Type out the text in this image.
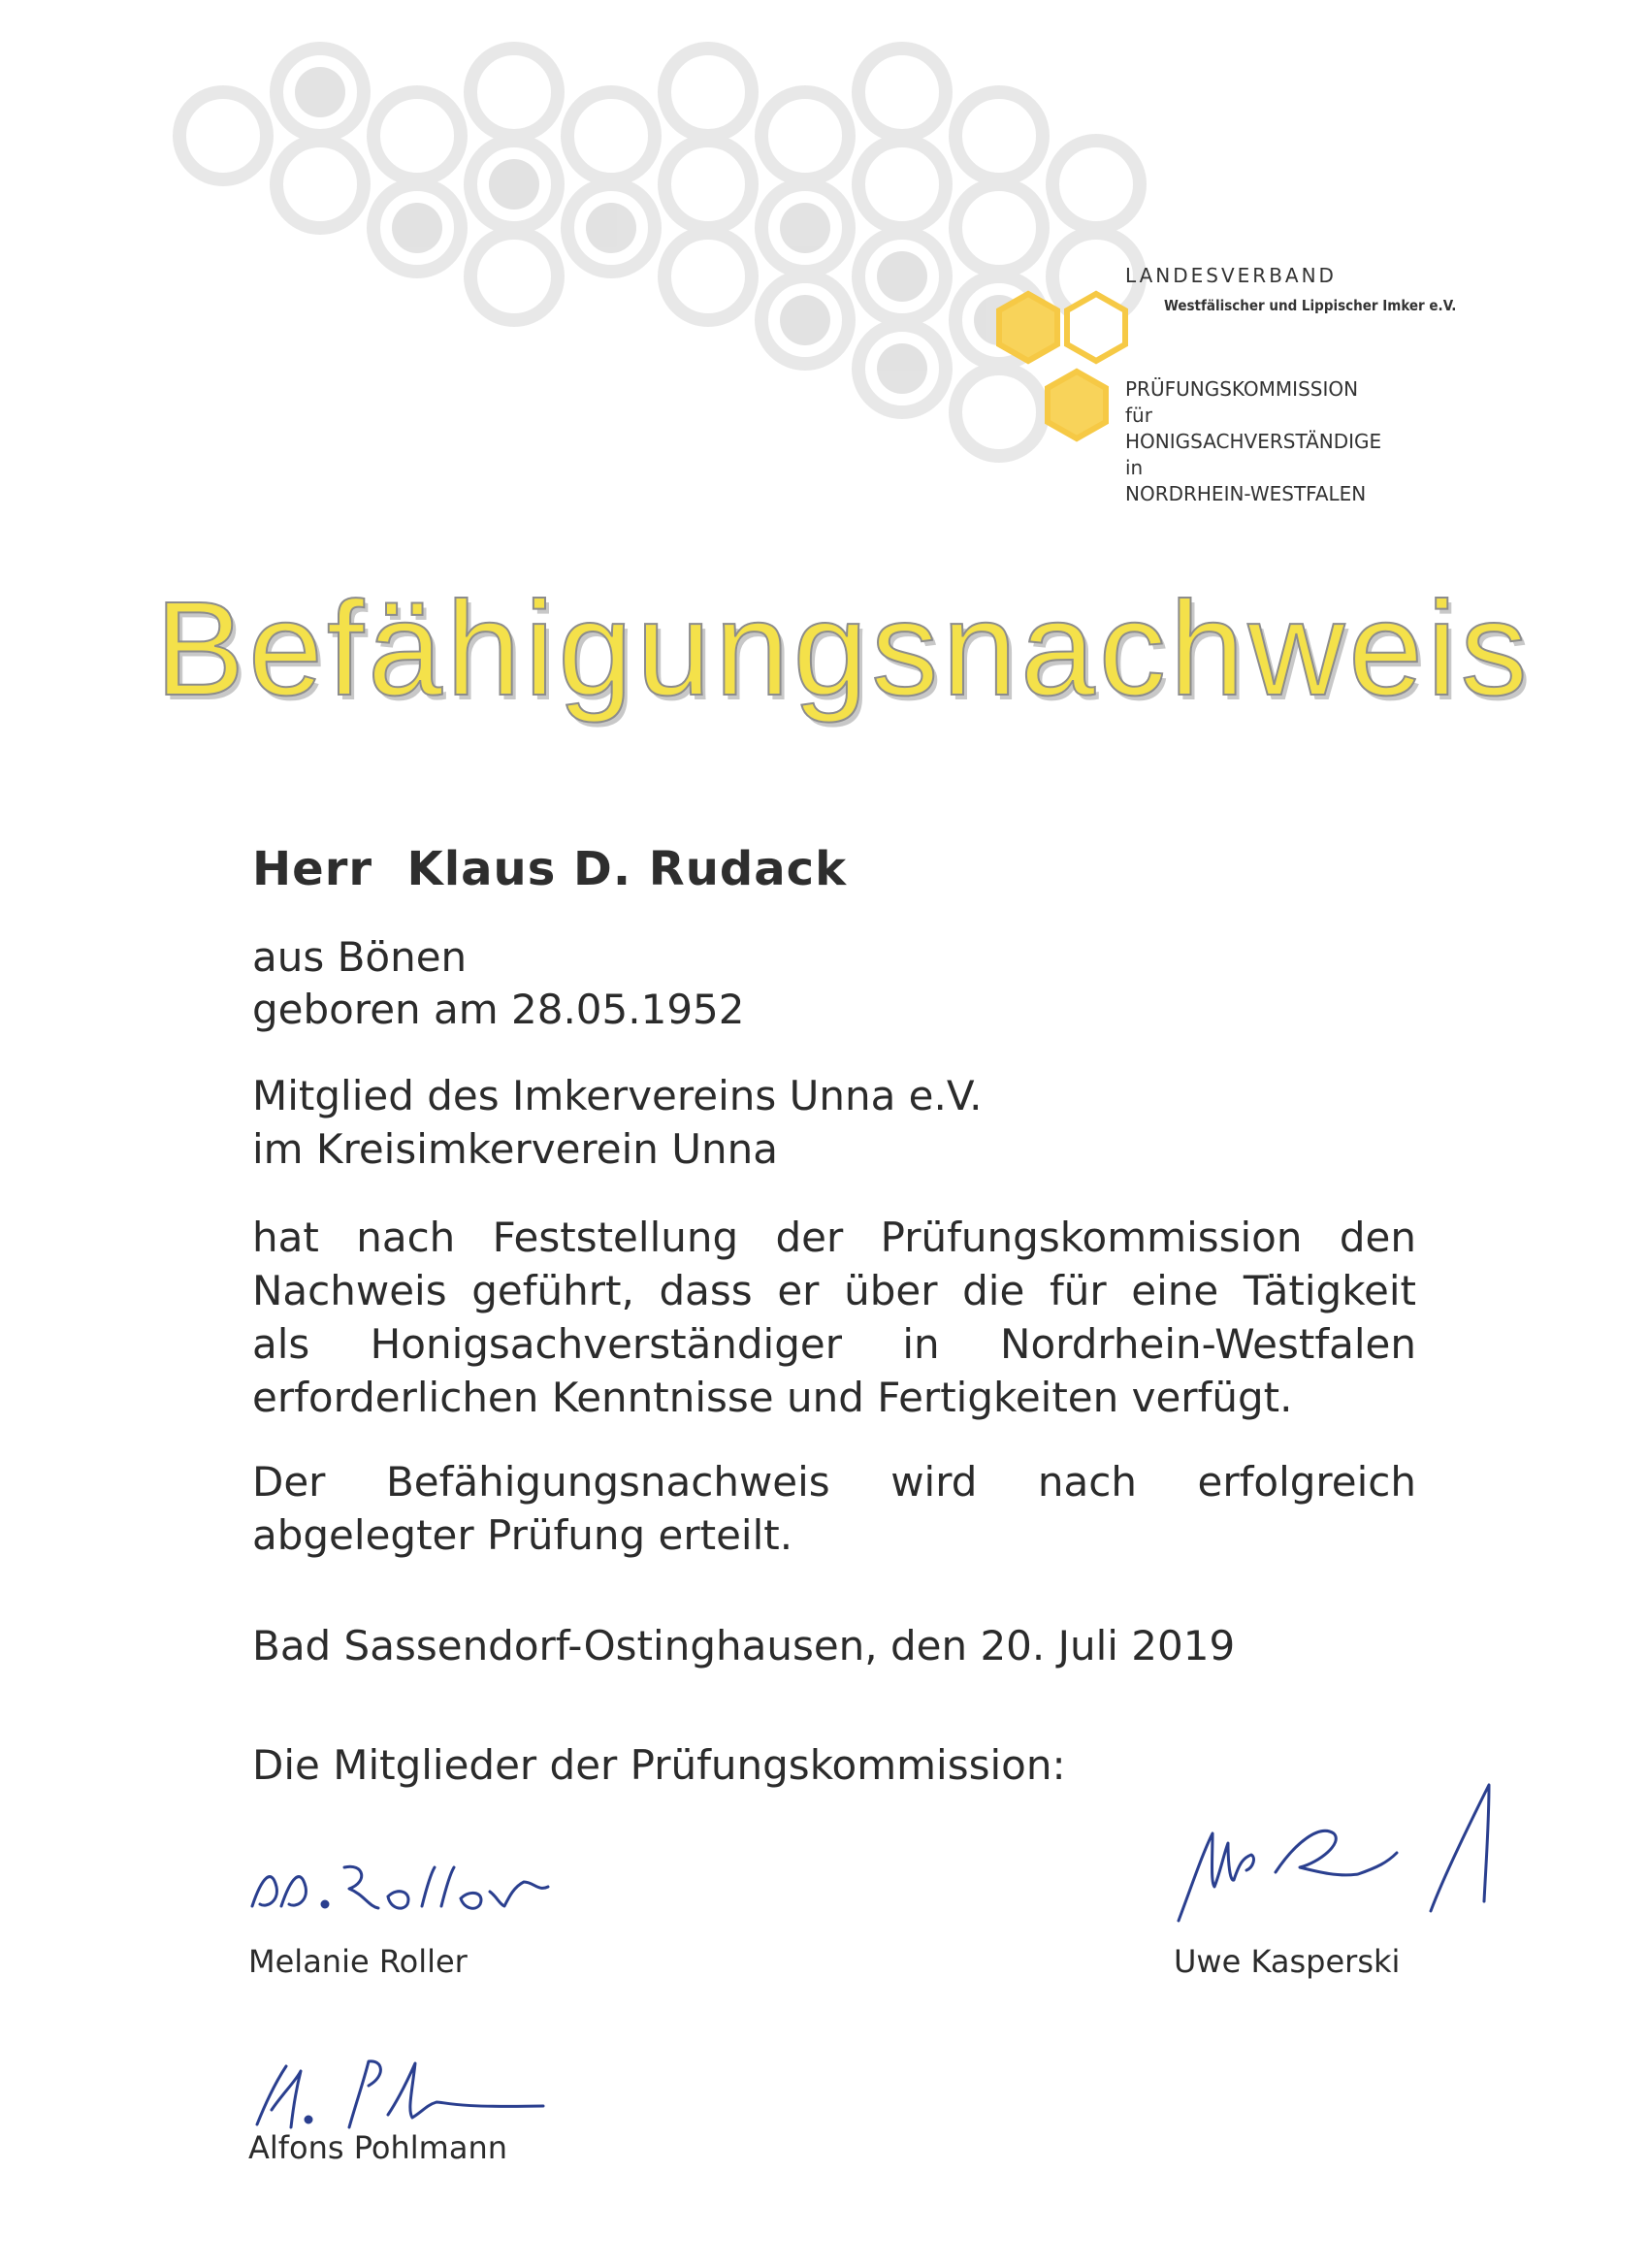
LANDESVERBAND
Westfälischer und Lippischer Imker e.V.
PRÜFUNGSKOMMISSION
für
HONIGSACHVERSTÄNDIGE
in
NORDRHEIN-WESTFALEN
Befähigungsnachweis
Herr  Klaus D. Rudack
aus Bönen
geboren am 28.05.1952
Mitglied des Imkervereins Unna e.V.
im Kreisimkerverein Unna
hat nach Feststellung der Prüfungskommission den
Nachweis geführt, dass er über die für eine Tätigkeit
als Honigsachverständiger in Nordrhein-Westfalen
erforderlichen Kenntnisse und Fertigkeiten verfügt.
Der Befähigungsnachweis wird nach erfolgreich
abgelegter Prüfung erteilt.
Bad Sassendorf-Ostinghausen, den 20. Juli 2019
Die Mitglieder der Prüfungskommission:
Melanie Roller	Uwe Kasperski
Alfons Pohlmann
